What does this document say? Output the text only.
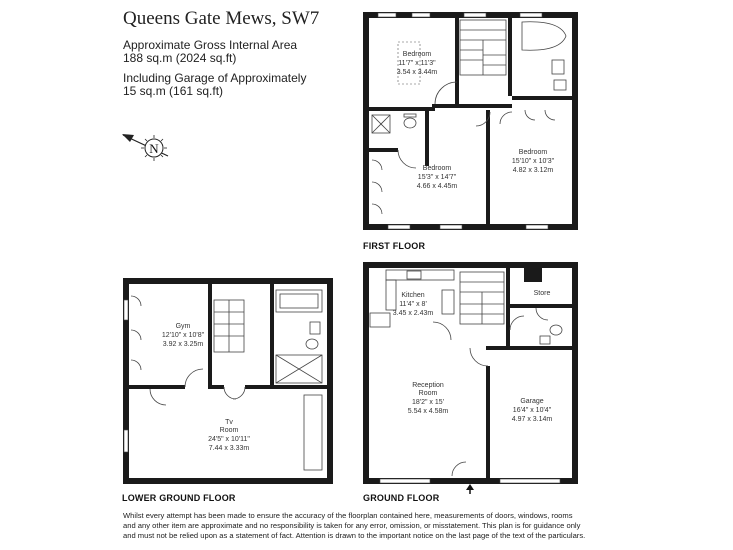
Queens Gate Mews, SW7
Approximate Gross Internal Area
188 sq.m (2024 sq.ft)
Including Garage of Approximately
15 sq.m (161 sq.ft)
FIRST FLOOR
LOWER GROUND FLOOR	GROUND FLOOR
Whilst every attempt has been made to ensure the accuracy of the floorplan contained here, measurements of doors, windows, rooms
and any other item are approximate and no responsibility is taken for any error, omission, or misstatement. This plan is for guidance only
and must not be relied upon as a statement of fact. Attention is drawn to the important notice on the last page of the text of the particulars.
N
Bedroom
11'7" x 11'3"
3.54 x 3.44m
Bedroom
15'3" x 14'7"
4.66 x 4.45m
Bedroom
15'10" x 10'3"
4.82 x 3.12m
Gym
12'10" x 10'8"
3.92 x 3.25m
Tv
Room
24'5" x 10'11"
7.44 x 3.33m
Kitchen
11'4" x 8'
3.45 x 2.43m
Store
Reception
Room
18'2" x 15'
5.54 x 4.58m
Garage
16'4" x 10'4"
4.97 x 3.14m
